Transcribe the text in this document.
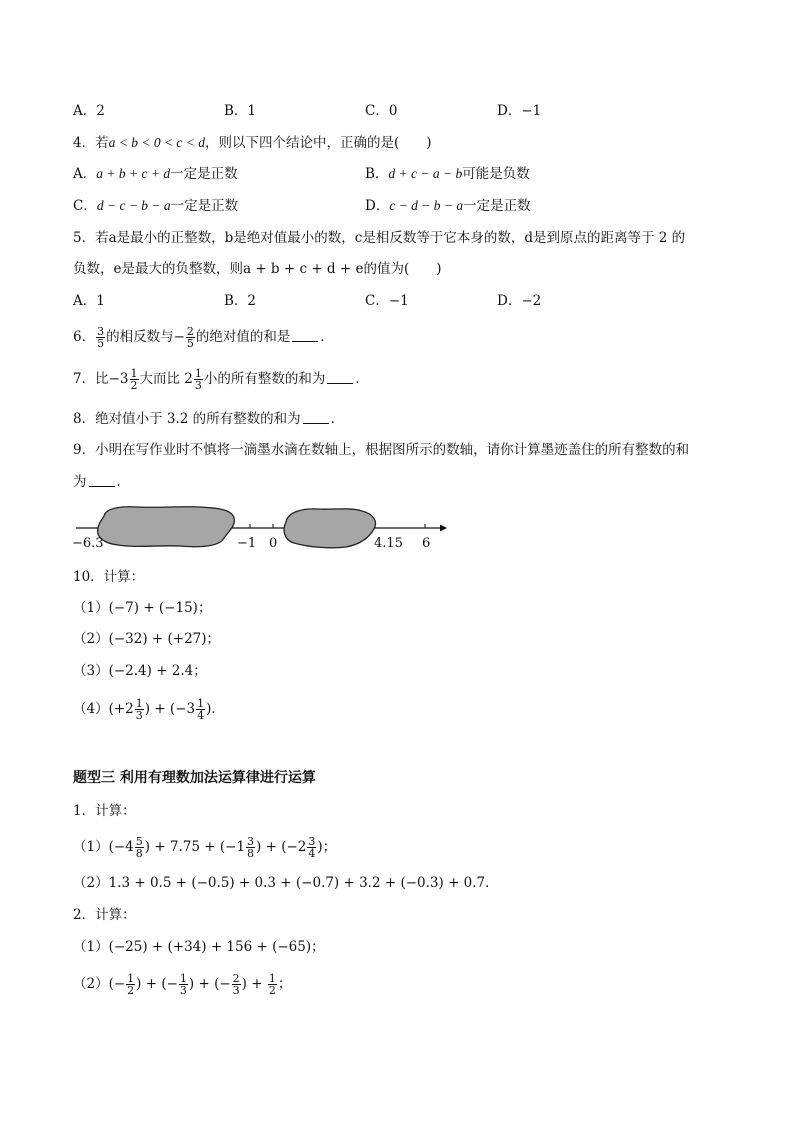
A．2	B．1	C．0	D．−1
4．若a < b < 0 < c < d，则以下四个结论中，正确的是(　　)
A．a + b + c + d一定是正数	B．d + c − a − b可能是负数
C．d − c − b − a一定是正数	D．c − d − b − a一定是正数
5．若a是最小的正整数，b是绝对值最小的数，c是相反数等于它本身的数，d是到原点的距离等于 2 的
负数，e是最大的负整数，则a + b + c + d + e的值为(　　)
A．1	B．2	C．−1	D．−2
6． $\frac{3}{5}$ 的相反数与− $\frac{2}{5}$ 的绝对值的和是 ．
7．比$-3 \frac{1}{2}$ 大而比 $2 \frac{1}{3}$ 小的所有整数的和为 ．
8．绝对值小于 3.2 的所有整数的和为 ．
9．小明在写作业时不慎将一滴墨水滴在数轴上，根据图所示的数轴，请你计算墨迹盖住的所有整数的和
为 ．
−6.3	−1 0	4.15 6
10．计算：
（1）(−7) + (−15)；
（2）(−32) + (+27)；
（3）(−2.4) + 2.4；
$(4)(+2 \frac{1}{3}$ ) + ($-3 \frac{1}{4}$ )．
题型三 利用有理数加法运算律进行运算
1．计算：
$(1)(-4 \frac{5}{8}$ ) + $7.75 + (-1 \frac{3}{8}$ ) + ($-2 \frac{3}{4}$ )；
（2）1.3 + 0.5 + (−0.5) + 0.3 + (−0.7) + 3.2 + (−0.3) + 0.7．
2．计算：
（1）(−25) + (+34) + 156 + (−65)；
$(2)(- \frac{1}{2}$ ) + (− $\frac{1}{3}$ ) + (− $\frac{2}{3}$ ) + $\frac{1}{2}$ ；
